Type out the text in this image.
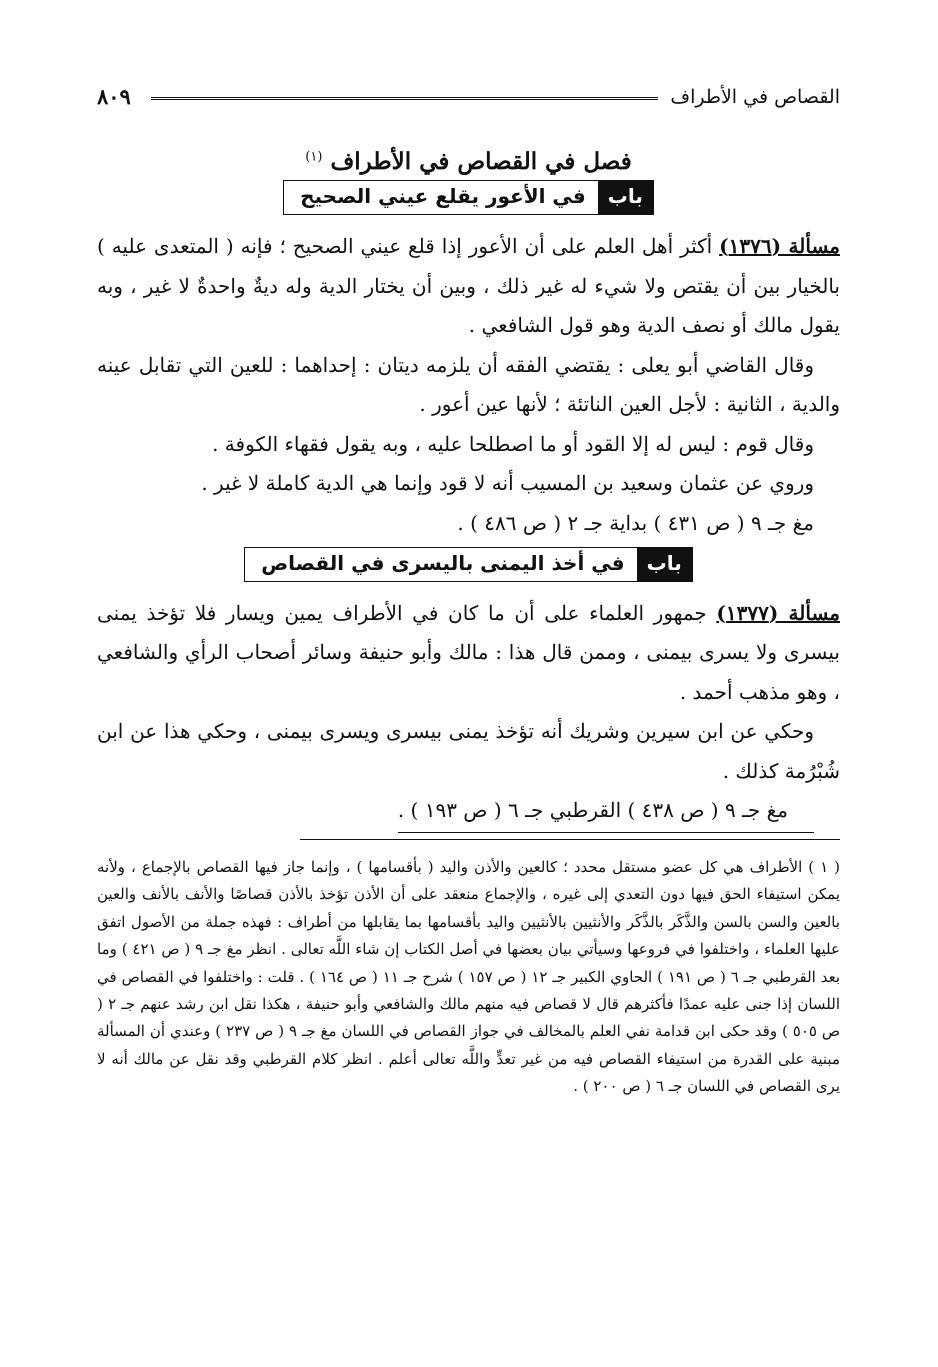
القصاص في الأطراف
٨٠٩
فصل في القصاص في الأطراف $^{(١)}$
باب
في الأعور يقلع عيني الصحيح

مسألة (١٣٧٦) أكثر أهل العلم على أن الأعور إذا قلع عيني الصحيح ؛ فإنه ( المتعدى عليه ) بالخيار بين أن يقتص ولا شيء له غير ذلك ، وبين أن يختار الدية وله ديةٌ واحدةٌ لا غير ، وبه يقول مالك أو نصف الدية وهو قول الشافعي .

وقال القاضي أبو يعلى : يقتضي الفقه أن يلزمه ديتان : إحداهما : للعين التي تقابل عينه والدية ، الثانية : لأجل العين الناتئة ؛ لأنها عين أعور .

وقال قوم : ليس له إلا القود أو ما اصطلحا عليه ، وبه يقول فقهاء الكوفة .

وروي عن عثمان وسعيد بن المسيب أنه لا قود وإنما هي الدية كاملة لا غير .

مغ جـ ٩ ( ص ٤٣١ ) بداية جـ ٢ ( ص ٤٨٦ ) .

باب
في أخذ اليمنى باليسرى في القصاص

مسألة (١٣٧٧) جمهور العلماء على أن ما كان في الأطراف يمين ويسار فلا تؤخذ يمنى بيسرى ولا يسرى بيمنى ، وممن قال هذا : مالك وأبو حنيفة وسائر أصحاب الرأي والشافعي ، وهو مذهب أحمد .

وحكي عن ابن سيرين وشريك أنه تؤخذ يمنى بيسرى ويسرى بيمنى ، وحكي هذا عن ابن شُبْرُمة كذلك .

مغ جـ ٩ ( ص ٤٣٨ ) القرطبي جـ ٦ ( ص ١٩٣ ) .

( ١ ) الأطراف هي كل عضو مستقل محدد ؛ كالعين والأذن واليد ( بأقسامها ) ، وإنما جاز فيها القصاص بالإجماع ، ولأنه يمكن استيفاء الحق فيها دون التعدي إلى غيره ، والإجماع منعقد على أن الأذن تؤخذ بالأذن قصاصًا والأنف بالأنف والعين بالعين والسن بالسن والذَّكَر بالذَّكَر والأنثيين بالأنثيين واليد بأقسامها بما يقابلها من أطراف : فهذه جملة من الأصول اتفق عليها العلماء ، واختلفوا في فروعها وسيأتي بيان بعضها في أصل الكتاب إن شاء اللَّه تعالى . انظر مغ جـ ٩ ( ص ٤٢١ ) وما بعد القرطبي جـ ٦ ( ص ١٩١ ) الحاوي الكبير جـ ١٢ ( ص ١٥٧ ) شرح جـ ١١ ( ص ١٦٤ ) . قلت : واختلفوا في القصاص في اللسان إذا جنى عليه عمدًا فأكثرهم قال لا قصاص فيه منهم مالك والشافعي وأبو حنيفة ، هكذا نقل ابن رشد عنهم جـ ٢ ( ص ٥٠٥ ) وقد حكى ابن قدامة نفي العلم بالمخالف في جواز القصاص في اللسان مغ جـ ٩ ( ص ٢٣٧ ) وعندي أن المسألة مبنية على القدرة من استيفاء القصاص فيه من غير تعدٍّ واللَّه تعالى أعلم . انظر كلام القرطبي وقد نقل عن مالك أنه لا يرى القصاص في اللسان جـ ٦ ( ص ٢٠٠ ) .
